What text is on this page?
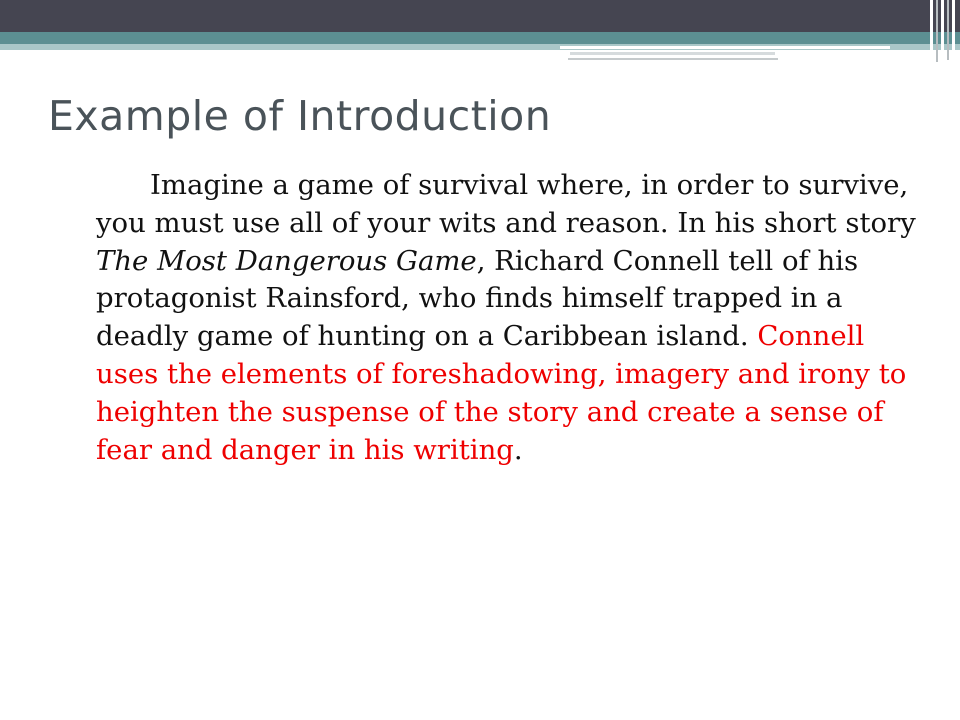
Example of Introduction

Imagine a game of survival where, in order to survive, you must use all of your wits and reason. In his short story The Most Dangerous Game, Richard Connell tell of his protagonist Rainsford, who finds himself trapped in a deadly game of hunting on a Caribbean island. Connell uses the elements of foreshadowing, imagery and irony to heighten the suspense of the story and create a sense of fear and danger in his writing.
